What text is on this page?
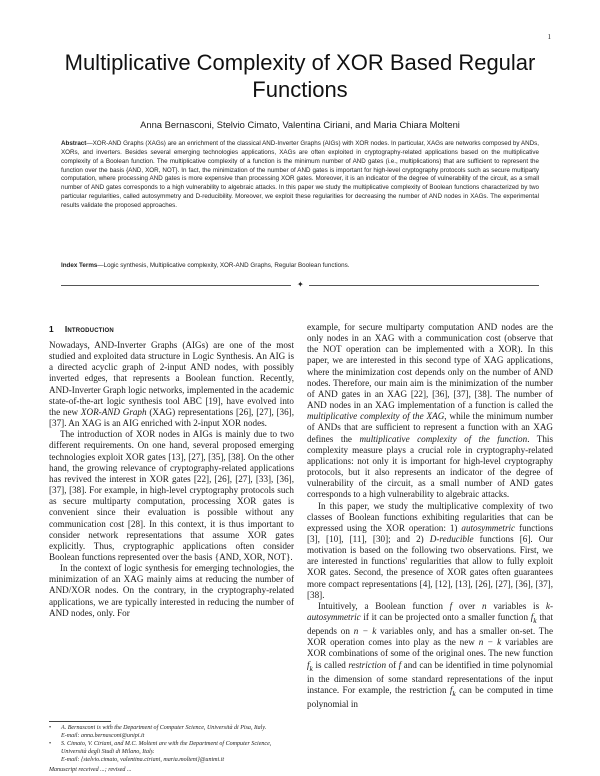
1
Multiplicative Complexity of XOR Based Regular Functions
Anna Bernasconi, Stelvio Cimato, Valentina Ciriani, and Maria Chiara Molteni

Abstract—XOR-AND Graphs (XAGs) are an enrichment of the classical AND-Inverter Graphs (AIGs) with XOR nodes. In particular, XAGs are networks composed by ANDs, XORs, and inverters. Besides several emerging technologies applications, XAGs are often exploited in cryptography-related applications based on the multiplicative complexity of a Boolean function. The multiplicative complexity of a function is the minimum number of AND gates (i.e., multiplications) that are sufficient to represent the function over the basis {AND, XOR, NOT}. In fact, the minimization of the number of AND gates is important for high-level cryptography protocols such as secure multiparty computation, where processing AND gates is more expensive than processing XOR gates. Moreover, it is an indicator of the degree of vulnerability of the circuit, as a small number of AND gates corresponds to a high vulnerability to algebraic attacks. In this paper we study the multiplicative complexity of Boolean functions characterized by two particular regularities, called autosymmetry and D-reducibility. Moreover, we exploit these regularities for decreasing the number of AND nodes in XAGs. The experimental results validate the proposed approaches.

Index Terms—Logic synthesis, Multiplicative complexity, XOR-AND Graphs, Regular Boolean functions.

✦
1 Introduction

Nowadays, AND-Inverter Graphs (AIGs) are one of the most studied and exploited data structure in Logic Synthesis. An AIG is a directed acyclic graph of 2-input AND nodes, with possibly inverted edges, that represents a Boolean function. Recently, AND-Inverter Graph logic networks, implemented in the academic state-of-the-art logic synthesis tool ABC [19], have evolved into the new XOR-AND Graph (XAG) representations [26], [27], [36], [37]. An XAG is an AIG enriched with 2-input XOR nodes.

The introduction of XOR nodes in AIGs is mainly due to two different requirements. On one hand, several proposed emerging technologies exploit XOR gates [13], [27], [35], [38]. On the other hand, the growing relevance of cryptography-related applications has revived the interest in XOR gates [22], [26], [27], [33], [36], [37], [38]. For example, in high-level cryptography protocols such as secure multiparty computation, processing XOR gates is convenient since their evaluation is possible without any communication cost [28]. In this context, it is thus important to consider network representations that assume XOR gates explicitly. Thus, cryptographic applications often consider Boolean functions represented over the basis {AND, XOR, NOT}.

In the context of logic synthesis for emerging technologies, the minimization of an XAG mainly aims at reducing the number of AND/XOR nodes. On the contrary, in the cryptography-related applications, we are typically interested in reducing the number of AND nodes, only. For

•	A. Bernasconi is with the Department of Computer Science, Università di Pisa, Italy.
E-mail: anna.bernasconi@unipi.it
•	S. Cimato, V. Ciriani, and M.C. Molteni are with the Department of Computer Science, Università degli Studi di Milano, Italy.
E-mail: {stelvio.cimato, valentina.ciriani, maria.molteni}@unimi.it
Manuscript received ...; revised ...

example, for secure multiparty computation AND nodes are the only nodes in an XAG with a communication cost (observe that the NOT operation can be implemented with a XOR). In this paper, we are interested in this second type of XAG applications, where the minimization cost depends only on the number of AND nodes. Therefore, our main aim is the minimization of the number of AND gates in an XAG [22], [36], [37], [38]. The number of AND nodes in an XAG implementation of a function is called the multiplicative complexity of the XAG, while the minimum number of ANDs that are sufficient to represent a function with an XAG defines the multiplicative complexity of the function. This complexity measure plays a crucial role in cryptography-related applications: not only it is important for high-level cryptography protocols, but it also represents an indicator of the degree of vulnerability of the circuit, as a small number of AND gates corresponds to a high vulnerability to algebraic attacks.

In this paper, we study the multiplicative complexity of two classes of Boolean functions exhibiting regularities that can be expressed using the XOR operation: 1) autosymmetric functions [3], [10], [11], [30]; and 2) D-reducible functions [6]. Our motivation is based on the following two observations. First, we are interested in functions' regularities that allow to fully exploit XOR gates. Second, the presence of XOR gates often guarantees more compact representations [4], [12], [13], [26], [27], [36], [37], [38].

Intuitively, a Boolean function f over n variables is k-autosymmetric if it can be projected onto a smaller function $f_k$ that depends on n − k variables only, and has a smaller on-set. The XOR operation comes into play as the new n − k variables are XOR combinations of some of the original ones. The new function $f_k$ is called restriction of f and can be identified in time polynomial in the dimension of some standard representations of the input instance. For example, the restriction $f_k$ can be computed in time polynomial in
